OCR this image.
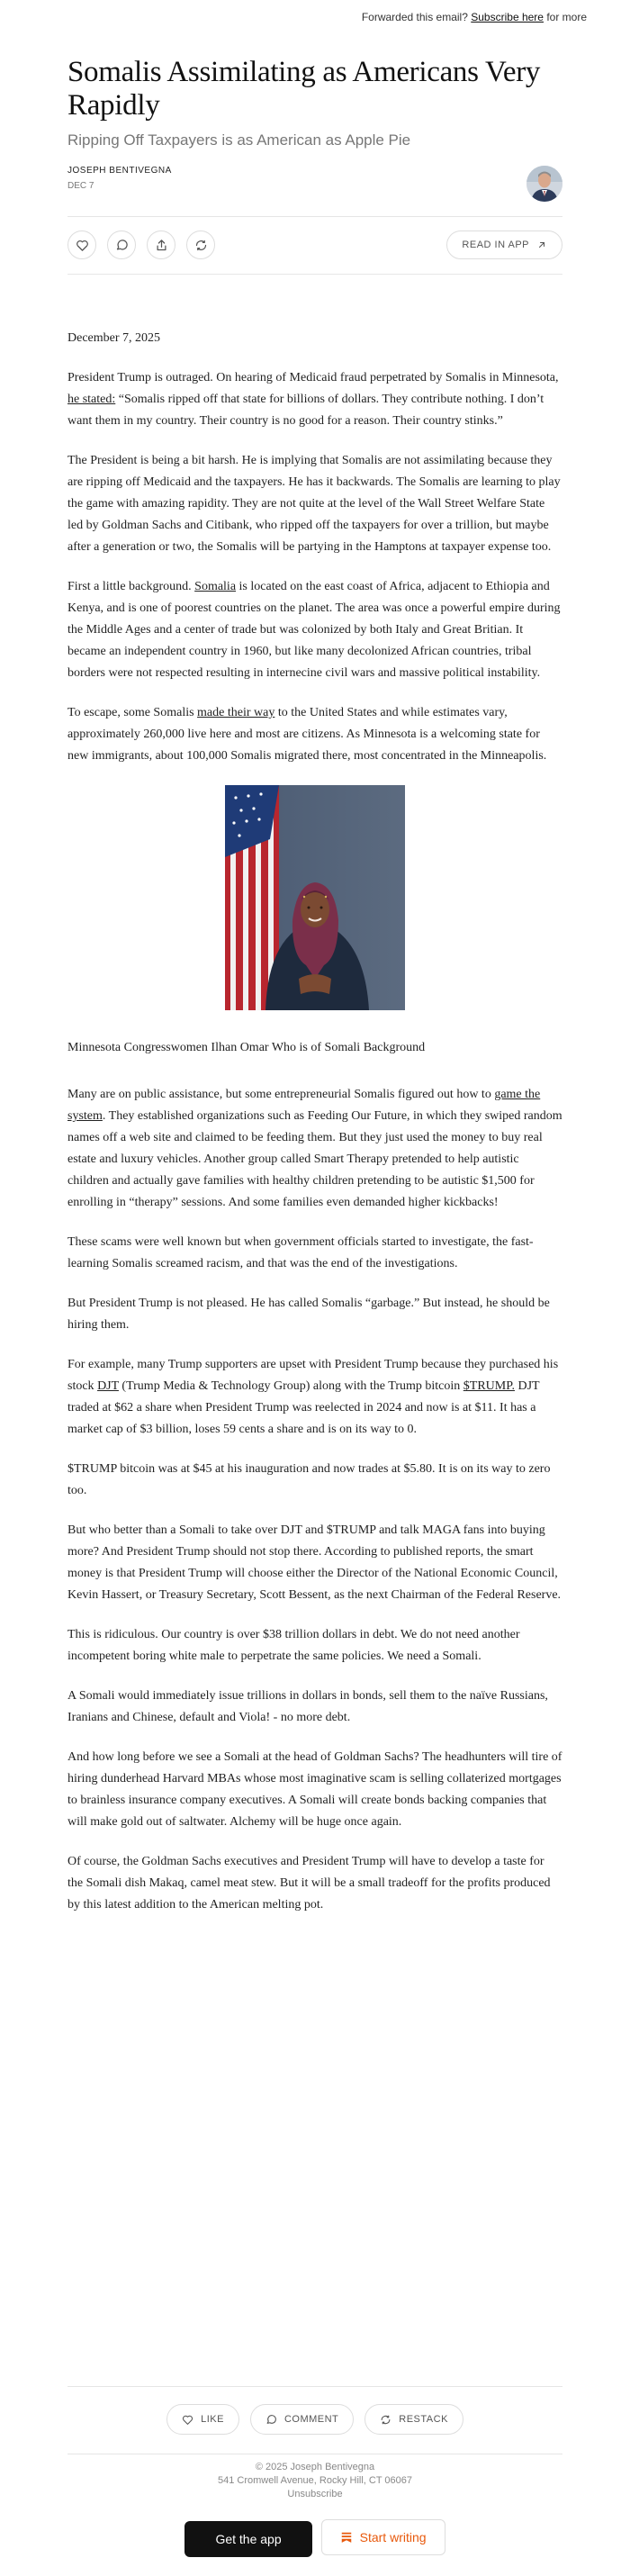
Forwarded this email? Subscribe here for more
Somalis Assimilating as Americans Very Rapidly
Ripping Off Taxpayers is as American as Apple Pie
JOSEPH BENTIVEGNA
DEC 7
READ IN APP

December 7, 2025

President Trump is outraged. On hearing of Medicaid fraud perpetrated by Somalis in Minnesota, he stated: “Somalis ripped off that state for billions of dollars. They contribute nothing. I don’t want them in my country. Their country is no good for a reason. Their country stinks.”

The President is being a bit harsh. He is implying that Somalis are not assimilating because they are ripping off Medicaid and the taxpayers. He has it backwards. The Somalis are learning to play the game with amazing rapidity. They are not quite at the level of the Wall Street Welfare State led by Goldman Sachs and Citibank, who ripped off the taxpayers for over a trillion, but maybe after a generation or two, the Somalis will be partying in the Hamptons at taxpayer expense too.

First a little background. Somalia is located on the east coast of Africa, adjacent to Ethiopia and Kenya, and is one of poorest countries on the planet. The area was once a powerful empire during the Middle Ages and a center of trade but was colonized by both Italy and Great Britian. It became an independent country in 1960, but like many decolonized African countries, tribal borders were not respected resulting in internecine civil wars and massive political instability.

To escape, some Somalis made their way to the United States and while estimates vary, approximately 260,000 live here and most are citizens. As Minnesota is a welcoming state for new immigrants, about 100,000 Somalis migrated there, most concentrated in the Minneapolis.

Minnesota Congresswomen Ilhan Omar Who is of Somali Background

Many are on public assistance, but some entrepreneurial Somalis figured out how to game the system. They established organizations such as Feeding Our Future, in which they swiped random names off a web site and claimed to be feeding them. But they just used the money to buy real estate and luxury vehicles. Another group called Smart Therapy pretended to help autistic children and actually gave families with healthy children pretending to be autistic $1,500 for enrolling in “therapy” sessions. And some families even demanded higher kickbacks!

These scams were well known but when government officials started to investigate, the fast-learning Somalis screamed racism, and that was the end of the investigations.

But President Trump is not pleased. He has called Somalis “garbage.” But instead, he should be hiring them.

For example, many Trump supporters are upset with President Trump because they purchased his stock DJT (Trump Media & Technology Group) along with the Trump bitcoin $TRUMP. DJT traded at $62 a share when President Trump was reelected in 2024 and now is at $11. It has a market cap of $3 billion, loses 59 cents a share and is on its way to 0.

$TRUMP bitcoin was at $45 at his inauguration and now trades at $5.80. It is on its way to zero too.

But who better than a Somali to take over DJT and $TRUMP and talk MAGA fans into buying more? And President Trump should not stop there. According to published reports, the smart money is that President Trump will choose either the Director of the National Economic Council, Kevin Hassert, or Treasury Secretary, Scott Bessent, as the next Chairman of the Federal Reserve.

This is ridiculous. Our country is over $38 trillion dollars in debt. We do not need another incompetent boring white male to perpetrate the same policies. We need a Somali.

A Somali would immediately issue trillions in dollars in bonds, sell them to the naïve Russians, Iranians and Chinese, default and Viola! - no more debt.

And how long before we see a Somali at the head of Goldman Sachs? The headhunters will tire of hiring dunderhead Harvard MBAs whose most imaginative scam is selling collaterized mortgages to brainless insurance company executives. A Somali will create bonds backing companies that will make gold out of saltwater. Alchemy will be huge once again.

Of course, the Goldman Sachs executives and President Trump will have to develop a taste for the Somali dish Makaq, camel meat stew. But it will be a small tradeoff for the profits produced by this latest addition to the American melting pot.

LIKE
	COMMENT
	RESTACK
© 2025 Joseph Bentivegna
541 Cromwell Avenue, Rocky Hill, CT 06067
Unsubscribe
Get the app	Start writing
